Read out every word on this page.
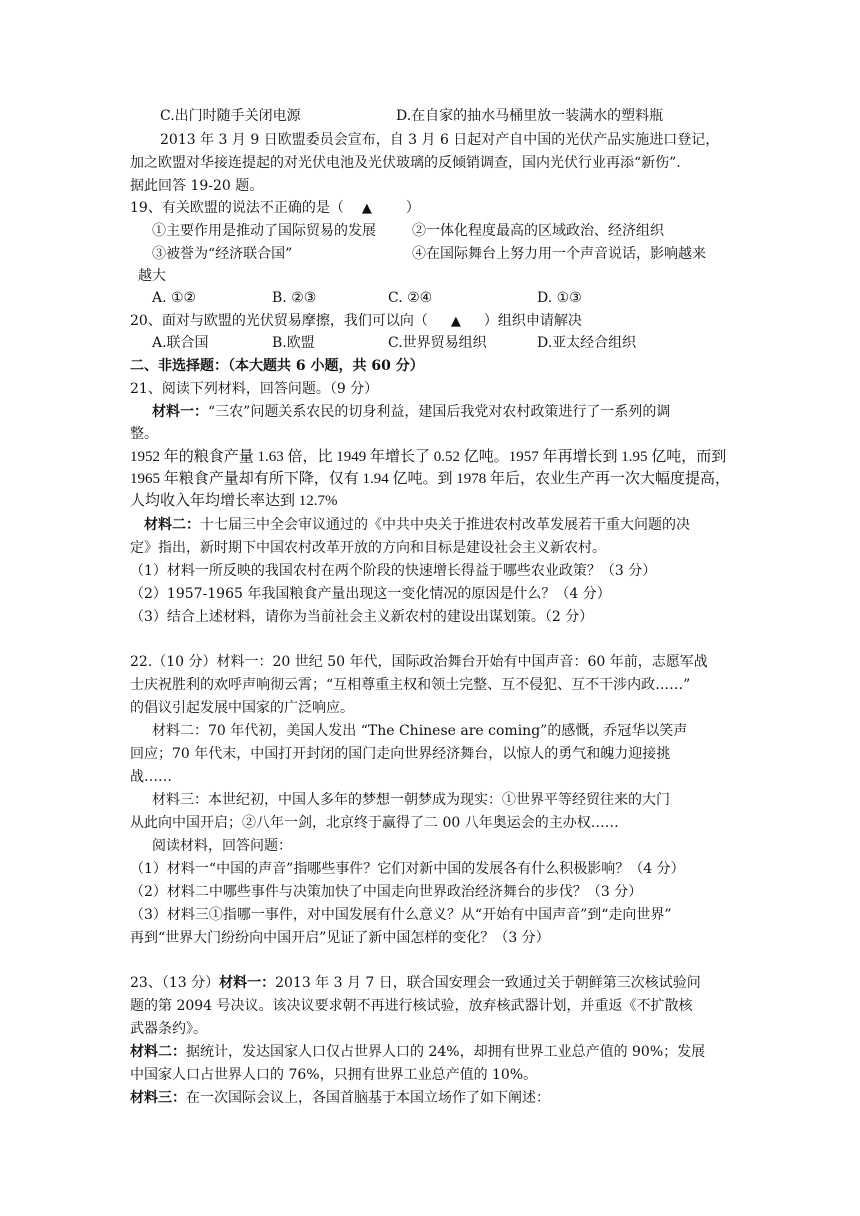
C.出门时随手关闭电源	D.在自家的抽水马桶里放一装满水的塑料瓶
2013 年 3 月 9 日欧盟委员会宣布，自 3 月 6 日起对产自中国的光伏产品实施进口登记，
加之欧盟对华接连提起的对光伏电池及光伏玻璃的反倾销调查，国内光伏行业再添“新伤”.
据此回答 19-20 题。
19、有关欧盟的说法不正确的是（ ▲ ）
①主要作用是推动了国际贸易的发展	②一体化程度最高的区域政治、经济组织
③被誉为“经济联合国”	④在国际舞台上努力用一个声音说话，影响越来
越大
A. ①②	B. ②③	C. ②④	D. ①③
20、面对与欧盟的光伏贸易摩擦，我们可以向（ ▲ ）组织申请解决
A.联合国	B.欧盟	C.世界贸易组织	D.亚太经合组织
二、非选择题：（本大题共 6 小题，共 60 分）
21、阅读下列材料，回答问题。（9 分）
材料一：“三农”问题关系农民的切身利益，建国后我党对农村政策进行了一系列的调
整。
1952 年的粮食产量 1.63 倍，比 1949 年增长了 0.52 亿吨。1957 年再增长到 1.95 亿吨，而到
1965 年粮食产量却有所下降，仅有 1.94 亿吨。到 1978 年后，农业生产再一次大幅度提高，
人均收入年均增长率达到 12.7%
材料二：十七届三中全会审议通过的《中共中央关于推进农村改革发展若干重大问题的决
定》指出，新时期下中国农村改革开放的方向和目标是建设社会主义新农村。
（1）材料一所反映的我国农村在两个阶段的快速增长得益于哪些农业政策？（3 分）
（2）1957-1965 年我国粮食产量出现这一变化情况的原因是什么？（4 分）
（3）结合上述材料，请你为当前社会主义新农村的建设出谋划策。（2 分）
22.（10 分）材料一：20 世纪 50 年代，国际政治舞台开始有中国声音：60 年前，志愿军战
士庆祝胜利的欢呼声响彻云霄；“互相尊重主权和领土完整、互不侵犯、互不干涉内政……”
的倡议引起发展中国家的广泛响应。
材料二：70 年代初，美国人发出 “The Chinese are coming”的感慨，乔冠华以笑声
回应；70 年代末，中国打开封闭的国门走向世界经济舞台，以惊人的勇气和魄力迎接挑
战……
材料三：本世纪初，中国人多年的梦想一朝梦成为现实：①世界平等经贸往来的大门
从此向中国开启；②八年一剑，北京终于赢得了二 00 八年奥运会的主办权……
阅读材料，回答问题：
（1）材料一“中国的声音”指哪些事件？它们对新中国的发展各有什么积极影响？（4 分）
（2）材料二中哪些事件与决策加快了中国走向世界政治经济舞台的步伐？（3 分）
（3）材料三①指哪一事件，对中国发展有什么意义？从“开始有中国声音”到“走向世界”
再到“世界大门纷纷向中国开启”见证了新中国怎样的变化？（3 分）
23、（13 分）材料一：2013 年 3 月 7 日，联合国安理会一致通过关于朝鲜第三次核试验问
题的第 2094 号决议。该决议要求朝不再进行核试验，放弃核武器计划，并重返《不扩散核
武器条约》。
材料二：据统计，发达国家人口仅占世界人口的 24%，却拥有世界工业总产值的 90%；发展
中国家人口占世界人口的 76%，只拥有世界工业总产值的 10%。
材料三：在一次国际会议上，各国首脑基于本国立场作了如下阐述：
